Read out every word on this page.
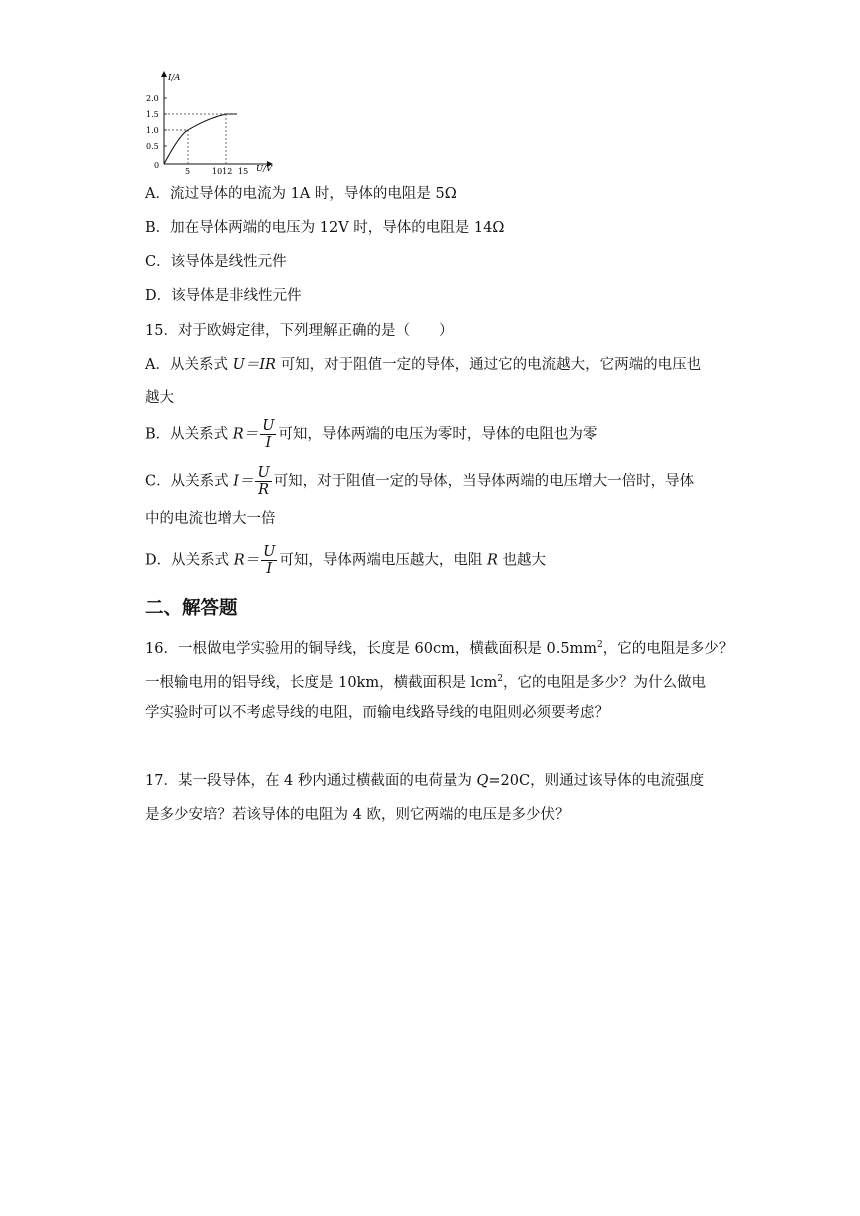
I/A
U/V
0
2.0
1.5
1.0
0.5
5	1012 15
A．流过导体的电流为 1A 时，导体的电阻是 5Ω
B．加在导体两端的电压为 12V 时，导体的电阻是 14Ω
C．该导体是线性元件
D．该导体是非线性元件
15．对于欧姆定律，下列理解正确的是（　　）
A．从关系式 U＝IR 可知，对于阻值一定的导体，通过它的电流越大，它两端的电压也
越大
B．从关系式 $R= \frac{U}{I}$ 可知，导体两端的电压为零时，导体的电阻也为零
C．从关系式 $I= \frac{U}{R}$ 可知，对于阻值一定的导体，当导体两端的电压增大一倍时，导体
中的电流也增大一倍
D．从关系式 $R= \frac{U}{I}$ 可知，导体两端电压越大，电阻 R 也越大
二、解答题
16．一根做电学实验用的铜导线，长度是 60cm，横截面积是 $0.5mm^2$，它的电阻是多少？
一根输电用的铝导线，长度是 10km，横截面积是 lcm$^2$，它的电阻是多少？为什么做电
学实验时可以不考虑导线的电阻，而输电线路导线的电阻则必须要考虑？
17．某一段导体，在 4 秒内通过横截面的电荷量为 Q=20C，则通过该导体的电流强度
是多少安培？若该导体的电阻为 4 欧，则它两端的电压是多少伏？
